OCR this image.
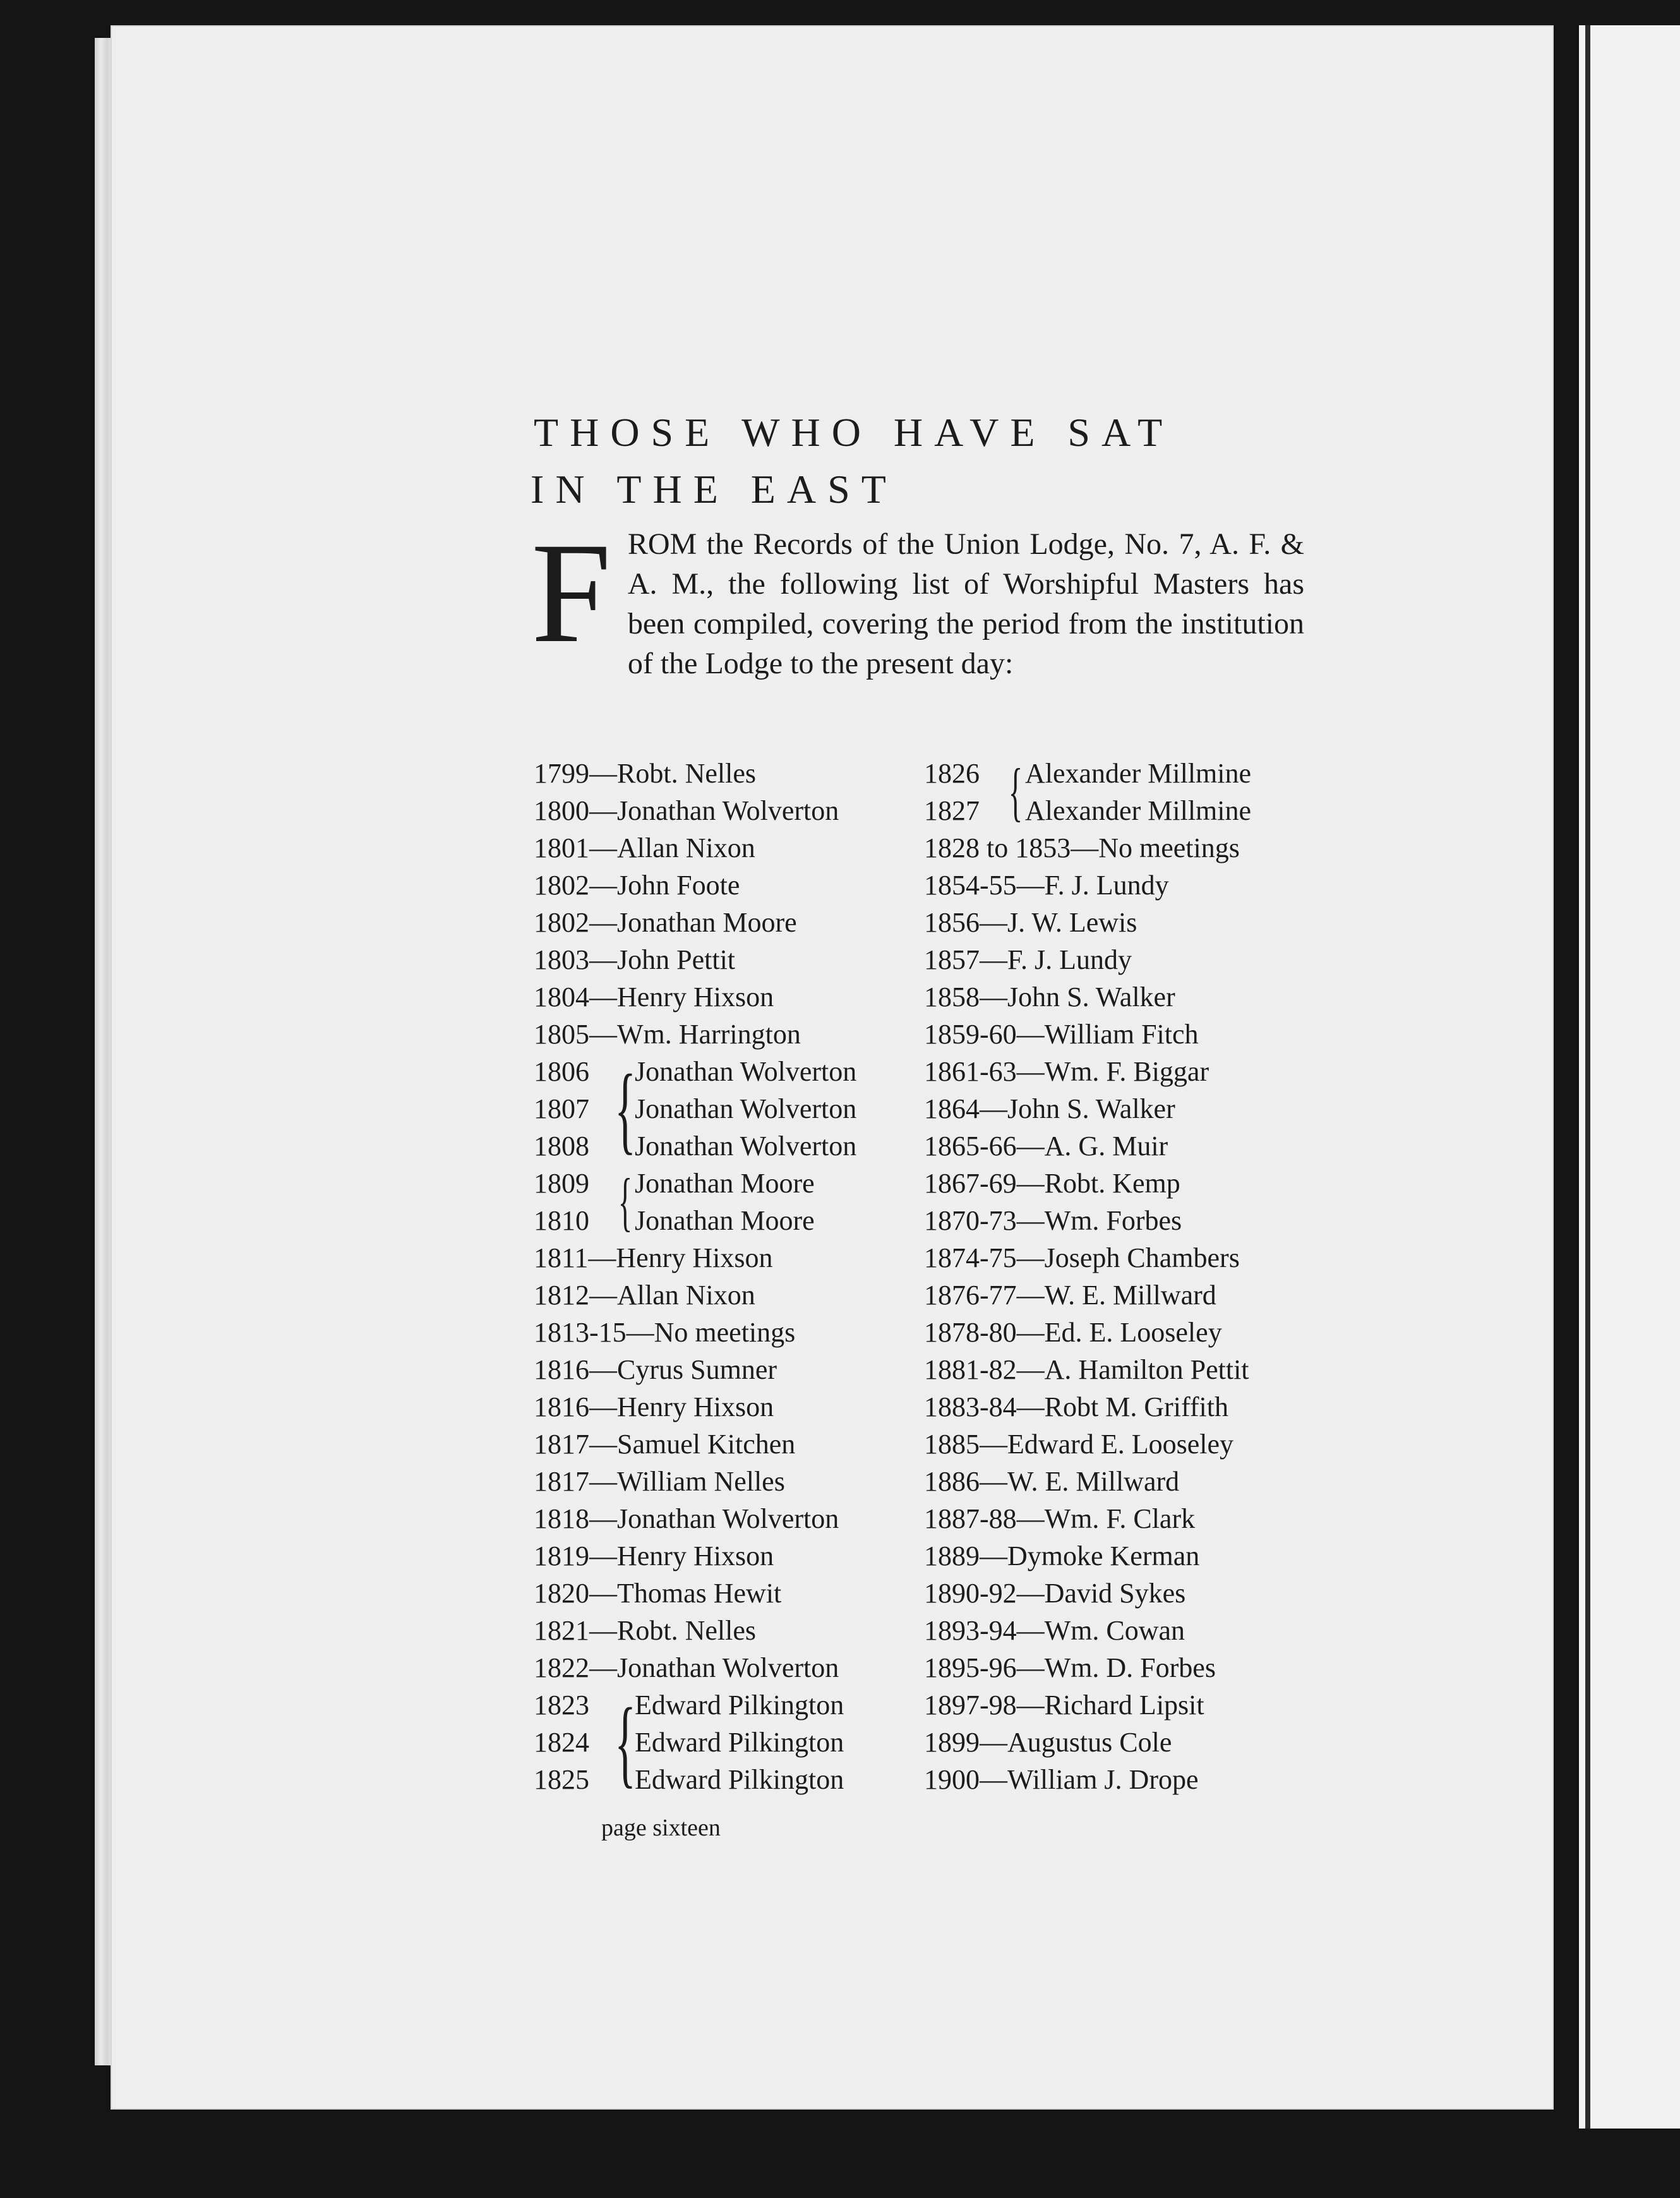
THOSE WHO HAVE SAT
IN THE EAST

FROM the Records of the Union Lodge, No. 7, A. F. & A. M., the following list of Worshipful Masters has been compiled, covering the period from the institution of the Lodge to the present day:

1799—Robt. Nelles
1800—Jonathan Wolverton
1801—Allan Nixon
1802—John Foote
1802—Jonathan Moore
1803—John Pettit
1804—Henry Hixson
1805—Wm. Harrington
1806
1807
1808 {
Jonathan Wolverton
Jonathan Wolverton
Jonathan Wolverton
1809
1810 { Jonathan Moore
Jonathan Moore
1811—Henry Hixson
1812—Allan Nixon
1813-15—No meetings
1816—Cyrus Sumner
1816—Henry Hixson
1817—Samuel Kitchen
1817—William Nelles
1818—Jonathan Wolverton
1819—Henry Hixson
1820—Thomas Hewit
1821—Robt. Nelles
1822—Jonathan Wolverton
1823
1824
1825 {
Edward Pilkington
Edward Pilkington
Edward Pilkington
1826
1827 { Alexander Millmine
Alexander Millmine
1828 to 1853—No meetings
1854-55—F. J. Lundy
1856—J. W. Lewis
1857—F. J. Lundy
1858—John S. Walker
1859-60—William Fitch
1861-63—Wm. F. Biggar
1864—John S. Walker
1865-66—A. G. Muir
1867-69—Robt. Kemp
1870-73—Wm. Forbes
1874-75—Joseph Chambers
1876-77—W. E. Millward
1878-80—Ed. E. Looseley
1881-82—A. Hamilton Pettit
1883-84—Robt M. Griffith
1885—Edward E. Looseley
1886—W. E. Millward
1887-88—Wm. F. Clark
1889—Dymoke Kerman
1890-92—David Sykes
1893-94—Wm. Cowan
1895-96—Wm. D. Forbes
1897-98—Richard Lipsit
1899—Augustus Cole
1900—William J. Drope

page sixteen
